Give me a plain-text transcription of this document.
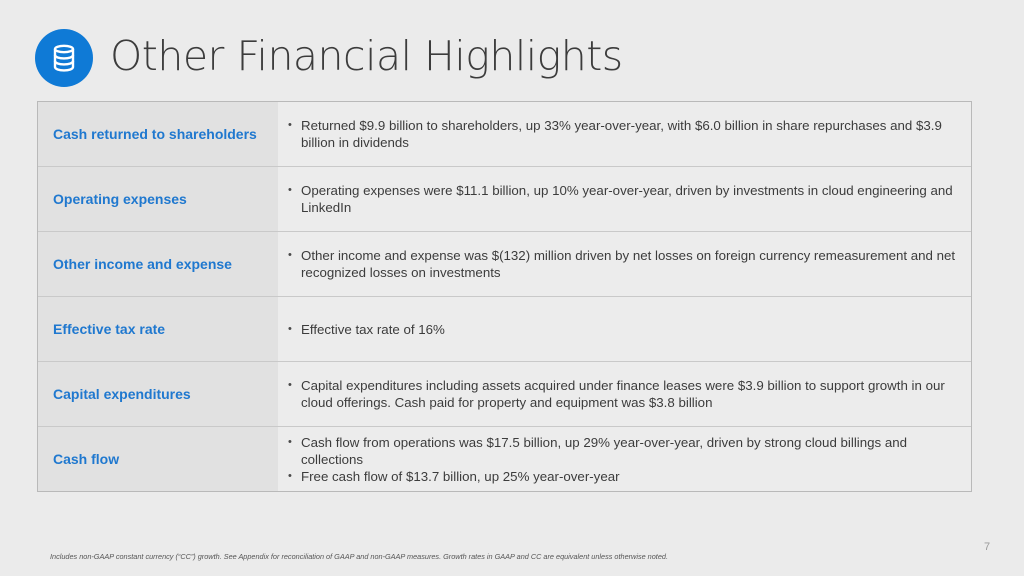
Other Financial Highlights
Cash returned to shareholders
• Returned $9.9 billion to shareholders, up 33% year-over-year, with $6.0 billion in share repurchases and $3.9 billion in dividends
Operating expenses
• Operating expenses were $11.1 billion, up 10% year-over-year, driven by investments in cloud engineering and LinkedIn
Other income and expense
• Other income and expense was $(132) million driven by net losses on foreign currency remeasurement and net recognized losses on investments
Effective tax rate	• Effective tax rate of 16%
Capital expenditures
• Capital expenditures including assets acquired under finance leases were $3.9 billion to support growth in our cloud offerings. Cash paid for property and equipment was $3.8 billion
Cash flow
• Cash flow from operations was $17.5 billion, up 29% year-over-year, driven by strong cloud billings and collections
• Free cash flow of $13.7 billion, up 25% year-over-year
Includes non-GAAP constant currency (“CC”) growth. See Appendix for reconciliation of GAAP and non-GAAP measures. Growth rates in GAAP and CC are equivalent unless otherwise noted.
7
